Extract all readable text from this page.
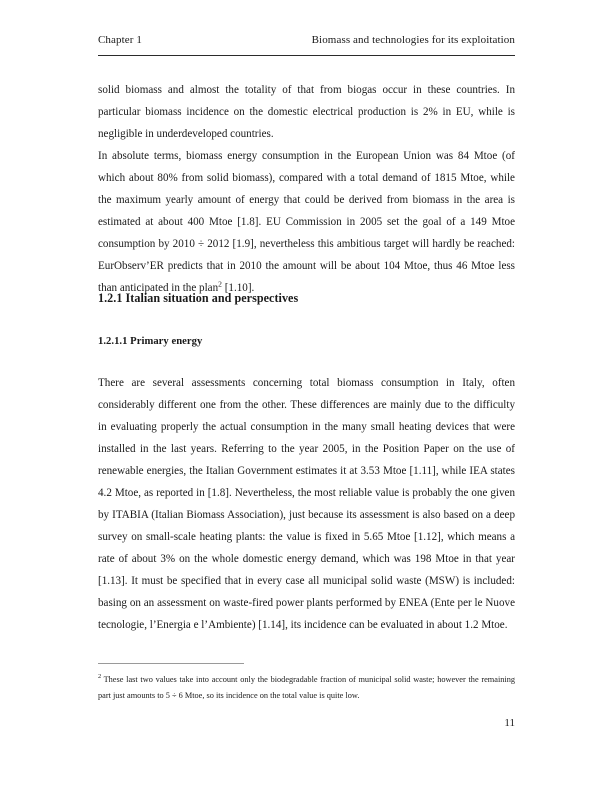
Chapter 1	Biomass and technologies for its exploitation

solid biomass and almost the totality of that from biogas occur in these countries. In particular biomass incidence on the domestic electrical production is 2% in EU, while is negligible in underdeveloped countries.

In absolute terms, biomass energy consumption in the European Union was 84 Mtoe (of which about 80% from solid biomass), compared with a total demand of 1815 Mtoe, while the maximum yearly amount of energy that could be derived from biomass in the area is estimated at about 400 Mtoe [1.8]. EU Commission in 2005 set the goal of a 149 Mtoe consumption by 2010 ÷ 2012 [1.9], nevertheless this ambitious target will hardly be reached: EurObserv’ER predicts that in 2010 the amount will be about 104 Mtoe, thus 46 Mtoe less than anticipated in the plan$^2$ [1.10].

1.2.1 Italian situation and perspectives
1.2.1.1 Primary energy

There are several assessments concerning total biomass consumption in Italy, often considerably different one from the other. These differences are mainly due to the difficulty in evaluating properly the actual consumption in the many small heating devices that were installed in the last years. Referring to the year 2005, in the Position Paper on the use of renewable energies, the Italian Government estimates it at 3.53 Mtoe [1.11], while IEA states 4.2 Mtoe, as reported in [1.8]. Nevertheless, the most reliable value is probably the one given by ITABIA (Italian Biomass Association), just because its assessment is also based on a deep survey on small-scale heating plants: the value is fixed in 5.65 Mtoe [1.12], which means a rate of about 3% on the whole domestic energy demand, which was 198 Mtoe in that year [1.13]. It must be specified that in every case all municipal solid waste (MSW) is included: basing on an assessment on waste-fired power plants performed by ENEA (Ente per le Nuove tecnologie, l’Energia e l’Ambiente) [1.14], its incidence can be evaluated in about 1.2 Mtoe.

$^2$ These last two values take into account only the biodegradable fraction of municipal solid waste; however the remaining part just amounts to 5 ÷ 6 Mtoe, so its incidence on the total value is quite low.

11
